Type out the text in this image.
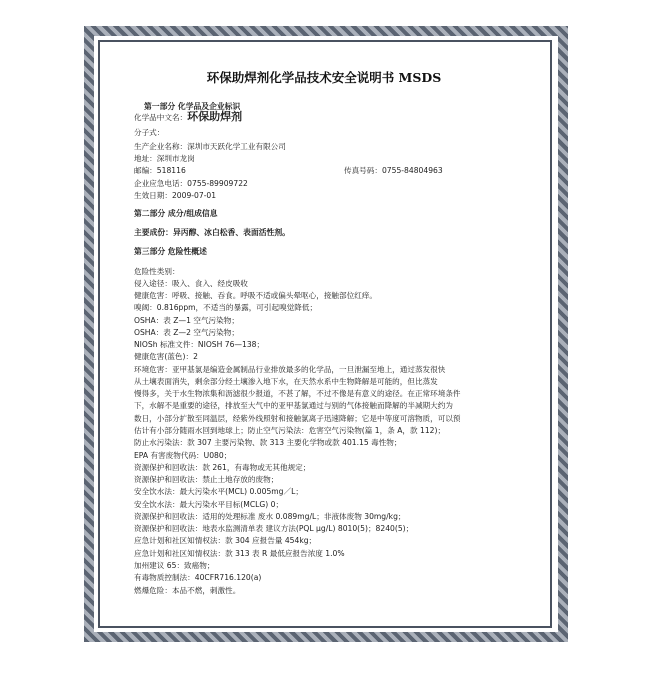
环保助焊剂化学品技术安全说明书 MSDS
第一部分 化学品及企业标识
化学品中文名：环保助焊剂
分子式：
生产企业名称：深圳市天跃化学工业有限公司
地址：深圳市龙岗
邮编：518116	传真号码：0755-84804963
企业应急电话：0755-89909722
生效日期：2009-07-01
第二部分 成分/组成信息
主要成份：异丙醇、冰白松香、表面活性剂。
第三部分 危险性概述
危险性类别：
侵入途径：吸入、食入、经皮吸收
健康危害：呼吸、接触、吞食。呼吸不适或偏头晕呕心，接触部位红痒。
嗅阈：0.816ppm，不适当的暴露，可引起嗅觉降低；
OSHA：表 Z—1 空气污染物；
OSHA：表 Z—2 空气污染物；
NIOSh 标准文件：NIOSH 76—138；
健康危害(蓝色)：2
环境危害：亚甲基氯是编造金属制品行业排放最多的化学品，一旦泄漏至地上，通过蒸发很快
从土壤表面消失，剩余部分经土壤渗入地下水，在天然水系中生物降解是可能的，但比蒸发
慢得多，关于水生物浓集和沥滤很少报道，不甚了解，不过不像是有意义的途径。在正常环境条件
下，水解不是重要的途径，排放至大气中的亚甲基氯通过与别的气体接触而降解的半减期大约为
数日，小部分扩散至同温层，经紫外线照射和接触氯离子迅速降解；它是中等度可溶物质，可以预
估计有小部分随雨水回到地球上；防止空气污染法：危害空气污染物(篇 1，条 A，款 112)；
防止水污染法：款 307 主要污染物、款 313 主要化学物或款 401.15 毒性物；
EPA 有害废物代码：U080；
资源保护和回收法：款 261，有毒物或无其他规定；
资源保护和回收法：禁止土地存放的废物；
安全饮水法：最大污染水平(MCL) 0.005mg／L；
安全饮水法：最大污染水平目标(MCLG) 0；
资源保护和回收法：适用的处理标准 废水 0.089mg/L；非液体废物 30mg/kg；
资源保护和回收法：地表水监测清单表 建议方法(PQL μg/L) 8010(5)；8240(5)；
应急计划和社区知情权法：款 304 应报告量 454kg；
应急计划和社区知情权法：款 313 表 R 最低应报告浓度 1.0%
加州建议 65：致癌物；
有毒物质控制法：40CFR716.120(a)
燃爆危险：本品不燃，刺激性。
